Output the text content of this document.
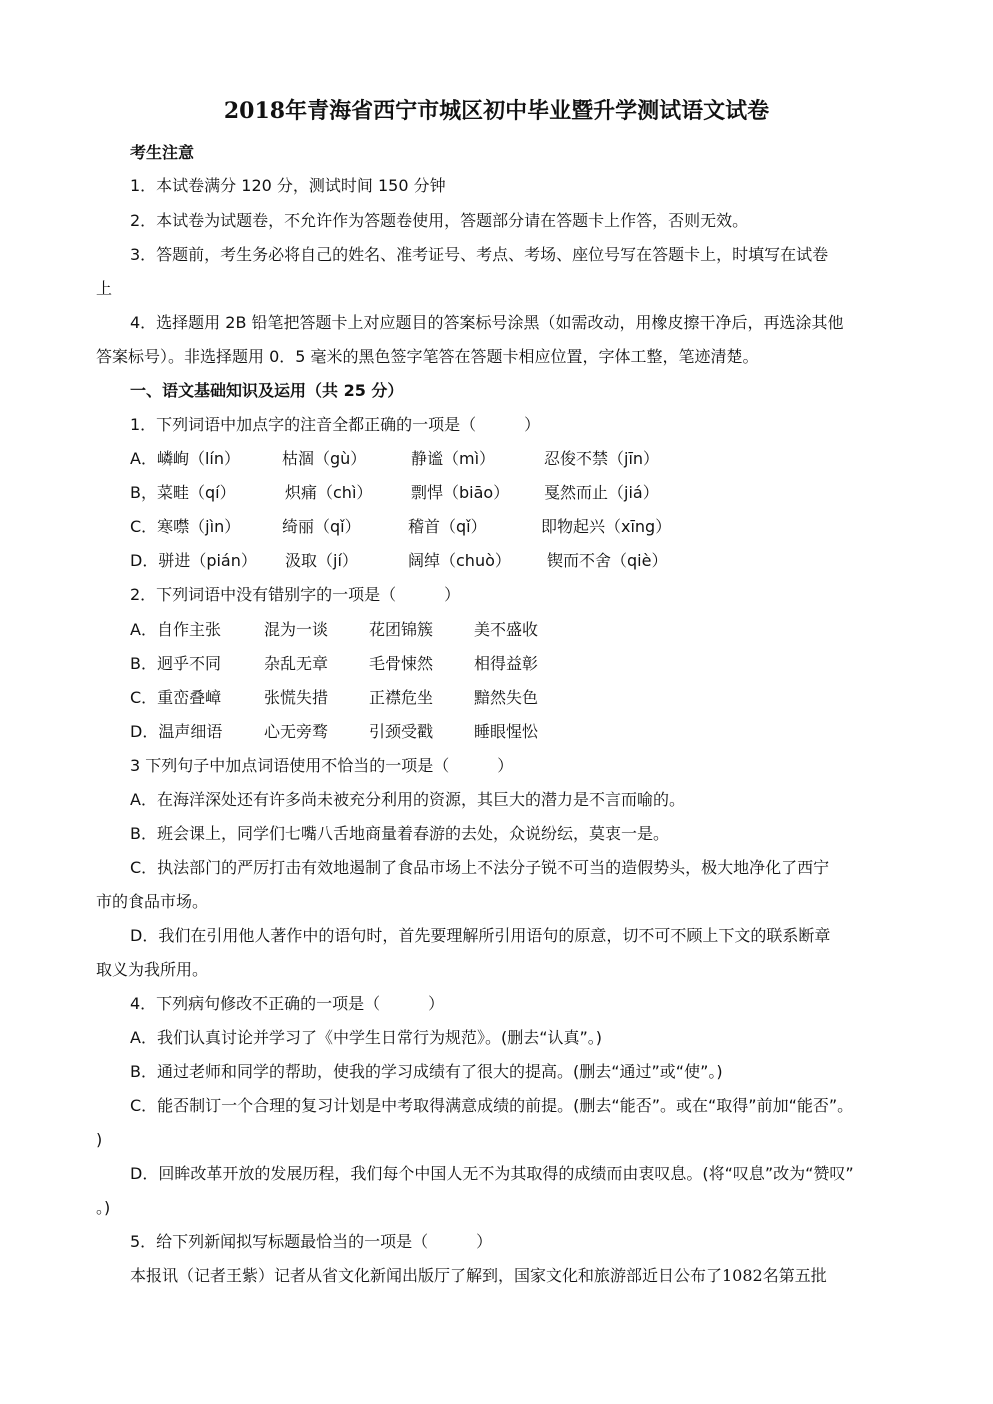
2018年青海省西宁市城区初中毕业暨升学测试语文试卷
考生注意
1．本试卷满分 120 分，测试时间 150 分钟
2．本试卷为试题卷，不允许作为答题卷使用，答题部分请在答题卡上作答，否则无效。
3．答题前，考生务必将自己的姓名、准考证号、考点、考场、座位号写在答题卡上，时填写在试卷
上
4．选择题用 2B 铅笔把答题卡上对应题目的答案标号涂黑（如需改动，用橡皮擦干净后，再选涂其他
答案标号）。非选择题用 0．5 毫米的黑色签字笔答在答题卡相应位置，字体工整，笔迹清楚。
一、语文基础知识及运用（共 25 分）
1．下列词语中加点字的注音全都正确的一项是（　　　）
A．嶙峋（lín）	枯涸（gù）	静谧（mì）	忍俊不禁（jīn）
B，菜畦（qí）	炽痛（chì） 剽悍（biāo） 戛然而止（jiá）
C．寒噤（jìn）	绮丽（qǐ）	稽首（qǐ）	即物起兴（xīng）
D．骈进（pián） 汲取（jí）	阔绰（chuò） 锲而不舍（qiè）
2．下列词语中没有错别字的一项是（　　　）
A．自作主张	混为一谈	花团锦簇	美不盛收
B．迥乎不同	杂乱无章	毛骨悚然	相得益彰
C．重峦叠嶂	张慌失措	正襟危坐	黯然失色
D．温声细语	心无旁骛	引颈受戳	睡眼惺忪
3 下列句子中加点词语使用不恰当的一项是（　　　）
A．在海洋深处还有许多尚未被充分利用的资源，其巨大的潜力是不言而喻的。
B．班会课上，同学们七嘴八舌地商量着春游的去处，众说纷纭，莫衷一是。
C．执法部门的严厉打击有效地遏制了食品市场上不法分子锐不可当的造假势头，极大地净化了西宁
市的食品市场。
D．我们在引用他人著作中的语句时，首先要理解所引用语句的原意，切不可不顾上下文的联系断章
取义为我所用。
4．下列病句修改不正确的一项是（　　　）
A．我们认真讨论并学习了《中学生日常行为规范》。(删去“认真”。)
B．通过老师和同学的帮助，使我的学习成绩有了很大的提高。(删去“通过”或“使”。)
C．能否制订一个合理的复习计划是中考取得满意成绩的前提。(删去“能否”。或在“取得”前加“能否”。
)
D．回眸改革开放的发展历程，我们每个中国人无不为其取得的成绩而由衷叹息。(将“叹息”改为“赞叹”
。)
5．给下列新闻拟写标题最恰当的一项是（　　　）
本报讯（记者王紫）记者从省文化新闻出版厅了解到，国家文化和旅游部近日公布了1082名第五批
